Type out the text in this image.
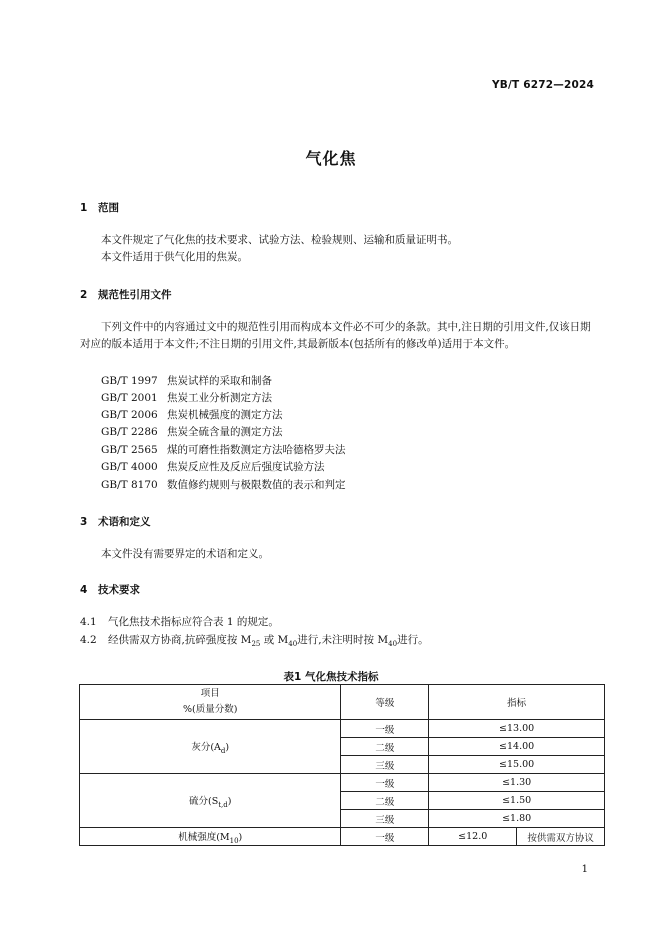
YB/T 6272—2024
气化焦
1 范围
本文件规定了气化焦的技术要求、试验方法、检验规则、运输和质量证明书。
本文件适用于供气化用的焦炭。
2 规范性引用文件
下列文件中的内容通过文中的规范性引用而构成本文件必不可少的条款。其中,注日期的引用文件,仅该日期对应的版本适用于本文件;不注日期的引用文件,其最新版本(包括所有的修改单)适用于本文件。
GB/T 1997 焦炭试样的采取和制备
GB/T 2001 焦炭工业分析测定方法
GB/T 2006 焦炭机械强度的测定方法
GB/T 2286 焦炭全硫含量的测定方法
GB/T 2565 煤的可磨性指数测定方法哈德格罗夫法
GB/T 4000 焦炭反应性及反应后强度试验方法
GB/T 8170 数值修约规则与极限数值的表示和判定
3 术语和定义
本文件没有需要界定的术语和定义。
4 技术要求
4.1 气化焦技术指标应符合表 1 的规定。
4.2 经供需双方协商,抗碎强度按 $M_{25}$ 或 $M_{40}$进行,未注明时按 $M_{40}$进行。
表1 气化焦技术指标
项目
%(质量分数)	等级	指标	
灰分$(A_d)$	一级	≤13.00	
	二级	≤14.00	
	三级	≤15.00	
硫分$(S_{t,d})$	一级	≤1.30	
	二级	≤1.50	
	三级	≤1.80	
机械强度$(M_{10})$	一级	≤12.0	按供需双方协议
1
